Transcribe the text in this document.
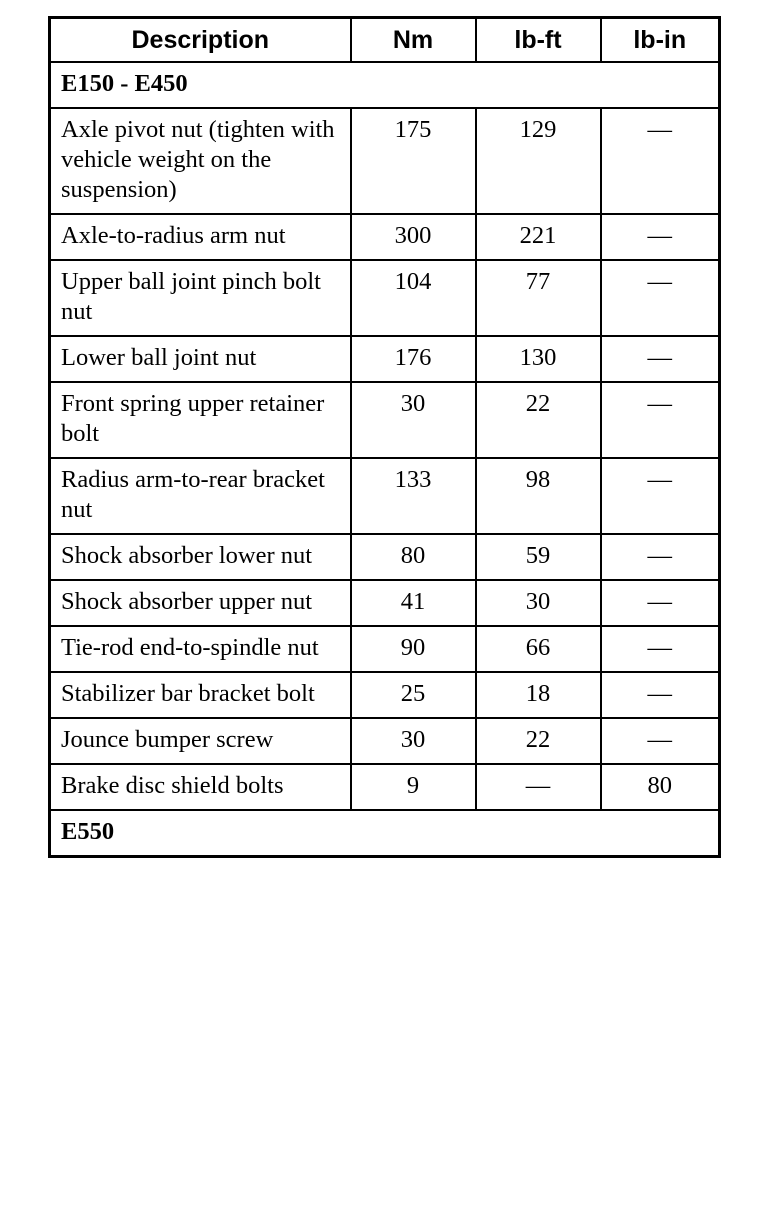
Description	Nm	lb-ft	lb-in
E150 - E450			
Axle pivot nut (tighten with vehicle weight on the suspension)	175	129	—
Axle-to-radius arm nut	300	221	—
Upper ball joint pinch bolt nut	104	77	—
Lower ball joint nut	176	130	—
Front spring upper retainer bolt	30	22	—
Radius arm-to-rear bracket nut	133	98	—
Shock absorber lower nut	80	59	—
Shock absorber upper nut	41	30	—
Tie-rod end-to-spindle nut	90	66	—
Stabilizer bar bracket bolt	25	18	—
Jounce bumper screw	30	22	—
Brake disc shield bolts	9	—	80
E550			
